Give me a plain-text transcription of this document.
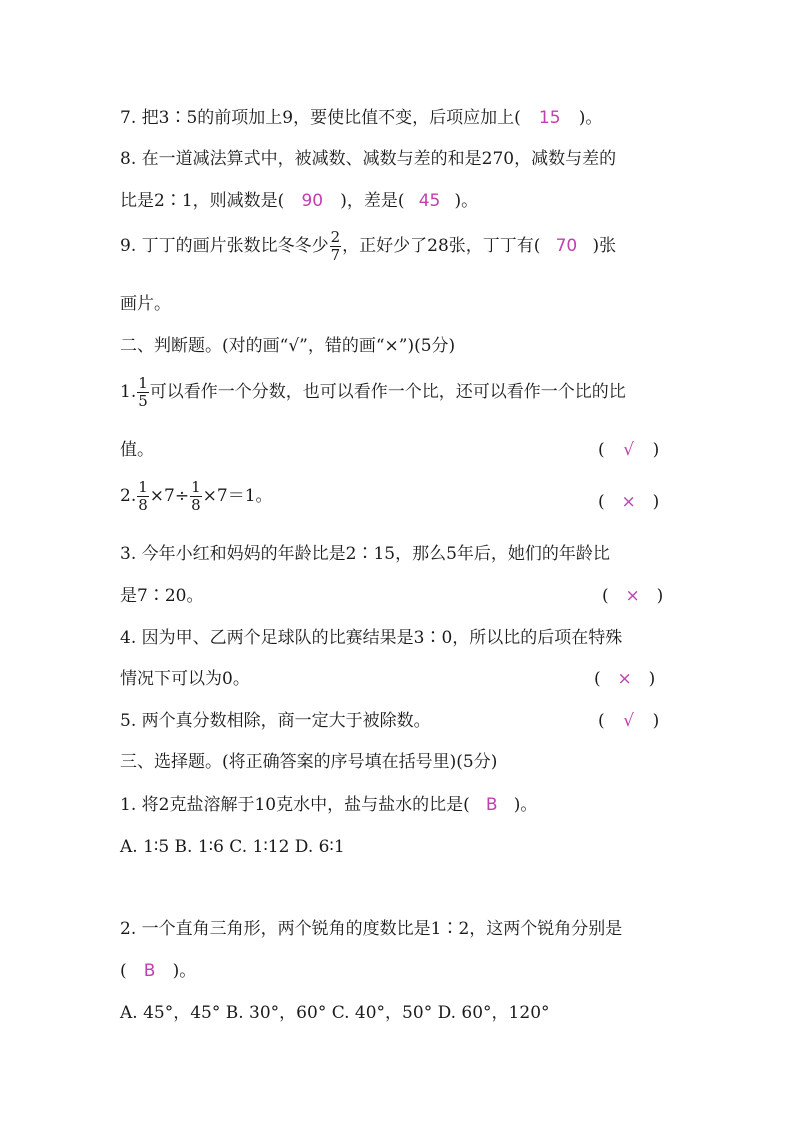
7. 把3∶5的前项加上9，要使比值不变，后项应加上( 15 )。
8. 在一道减法算式中，被减数、减数与差的和是270，减数与差的
比是2∶1，则减数是( 90 )，差是( 45 )。
9. 丁丁的画片张数比冬冬少 $\frac{2}{7}$ ，正好少了28张，丁丁有( 70 )张
画片。
二、判断题。(对的画“√”，错的画“×”)(5分)
1. $\frac{1}{5}$ 可以看作一个分数，也可以看作一个比，还可以看作一个比的比
值。	( √ )
2. $\frac{1}{8} \times 7\div \frac{1}{8} \times 7=1$。	( × )
3. 今年小红和妈妈的年龄比是2∶15，那么5年后，她们的年龄比
是7∶20。	( × )
4. 因为甲、乙两个足球队的比赛结果是3∶0，所以比的后项在特殊
情况下可以为0。	( × )
5. 两个真分数相除，商一定大于被除数。	( √ )
三、选择题。(将正确答案的序号填在括号里)(5分)
1. 将2克盐溶解于10克水中，盐与盐水的比是( B )。
A. 1∶5 B. 1∶6 C. 1∶12 D. 6∶1
2. 一个直角三角形，两个锐角的度数比是1∶2，这两个锐角分别是
( B )。
A. 45°，45° B. 30°，60° C. 40°，50° D. 60°，120°
